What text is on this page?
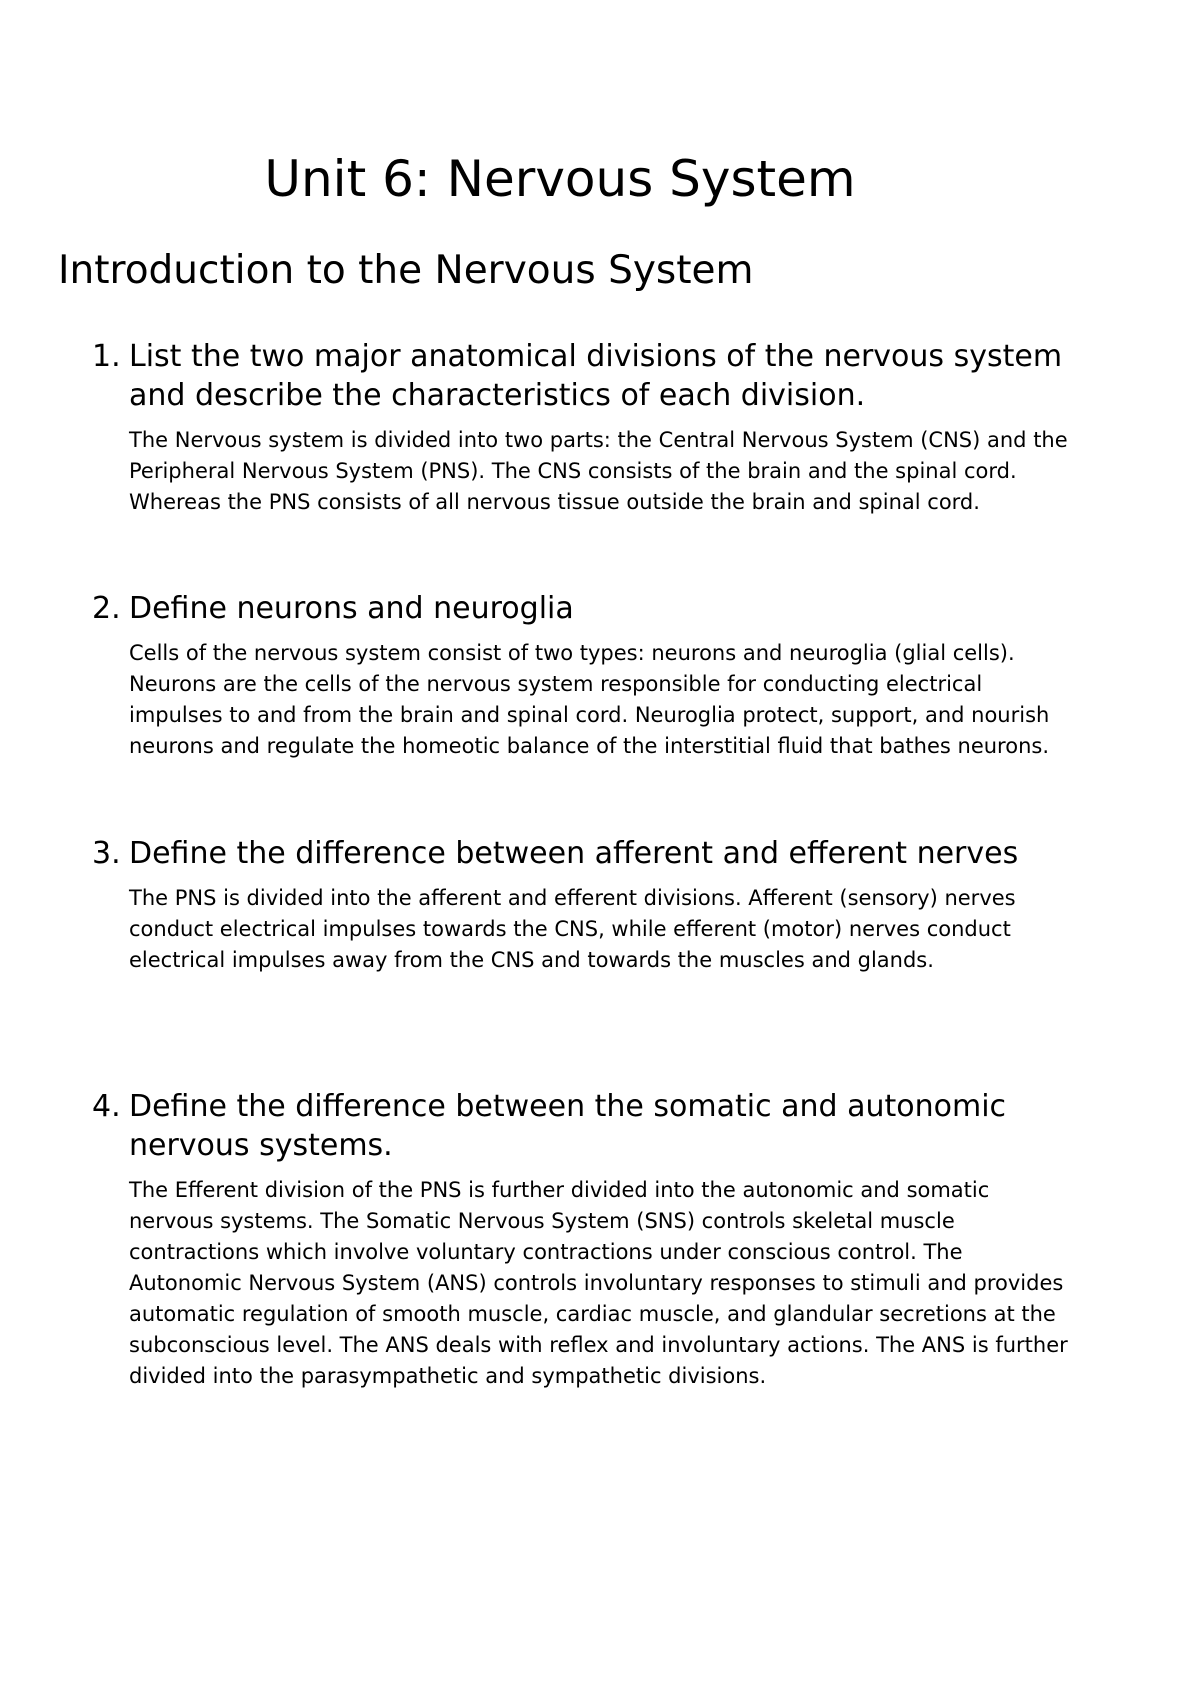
Unit 6: Nervous System
Introduction to the Nervous System

1. List the two major anatomical divisions of the nervous system and describe the characteristics of each division.

The Nervous system is divided into two parts: the Central Nervous System (CNS) and the Peripheral Nervous System (PNS). The CNS consists of the brain and the spinal cord. Whereas the PNS consists of all nervous tissue outside the brain and spinal cord.

2. Define neurons and neuroglia

Cells of the nervous system consist of two types: neurons and neuroglia (glial cells). Neurons are the cells of the nervous system responsible for conducting electrical impulses to and from the brain and spinal cord. Neuroglia protect, support, and nourish neurons and regulate the homeotic balance of the interstitial fluid that bathes neurons.

3. Define the difference between afferent and efferent nerves

The PNS is divided into the afferent and efferent divisions. Afferent (sensory) nerves conduct electrical impulses towards the CNS, while efferent (motor) nerves conduct electrical impulses away from the CNS and towards the muscles and glands.

4. Define the difference between the somatic and autonomic nervous systems.

The Efferent division of the PNS is further divided into the autonomic and somatic nervous systems. The Somatic Nervous System (SNS) controls skeletal muscle contractions which involve voluntary contractions under conscious control. The Autonomic Nervous System (ANS) controls involuntary responses to stimuli and provides automatic regulation of smooth muscle, cardiac muscle, and glandular secretions at the subconscious level. The ANS deals with reflex and involuntary actions. The ANS is further divided into the parasympathetic and sympathetic divisions.
